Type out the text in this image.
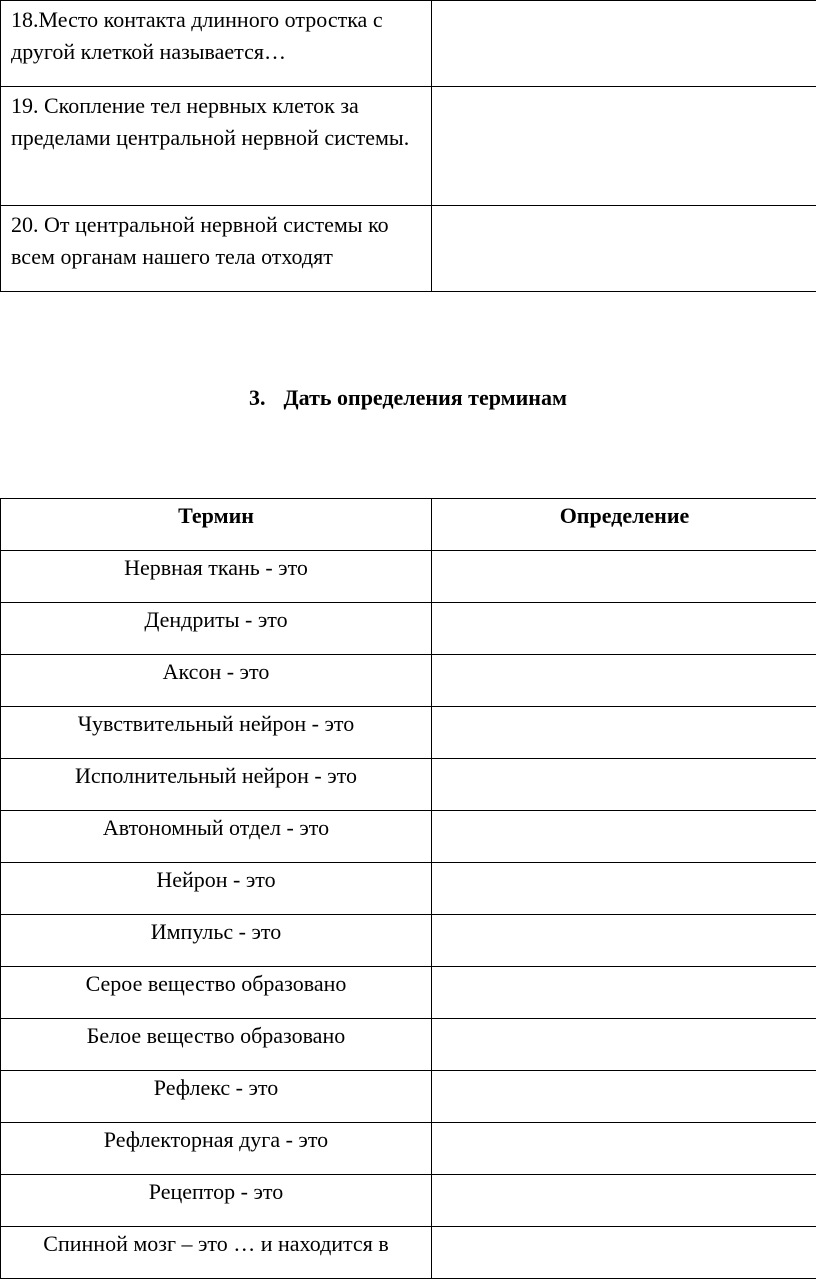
18.Место контакта длинного отростка с другой клеткой называется…	
19. Скопление тел нервных клеток за пределами центральной нервной системы.	
20. От центральной нервной системы ко всем органам нашего тела отходят	
3. Дать определения терминам
Термин	Определение
Нервная ткань - это	
Дендриты - это	
Аксон - это	
Чувствительный нейрон - это	
Исполнительный нейрон - это	
Автономный отдел - это	
Нейрон - это	
Импульс - это	
Серое вещество образовано	
Белое вещество образовано	
Рефлекс - это	
Рефлекторная дуга - это	
Рецептор - это	
Спинной мозг – это … и находится в	
